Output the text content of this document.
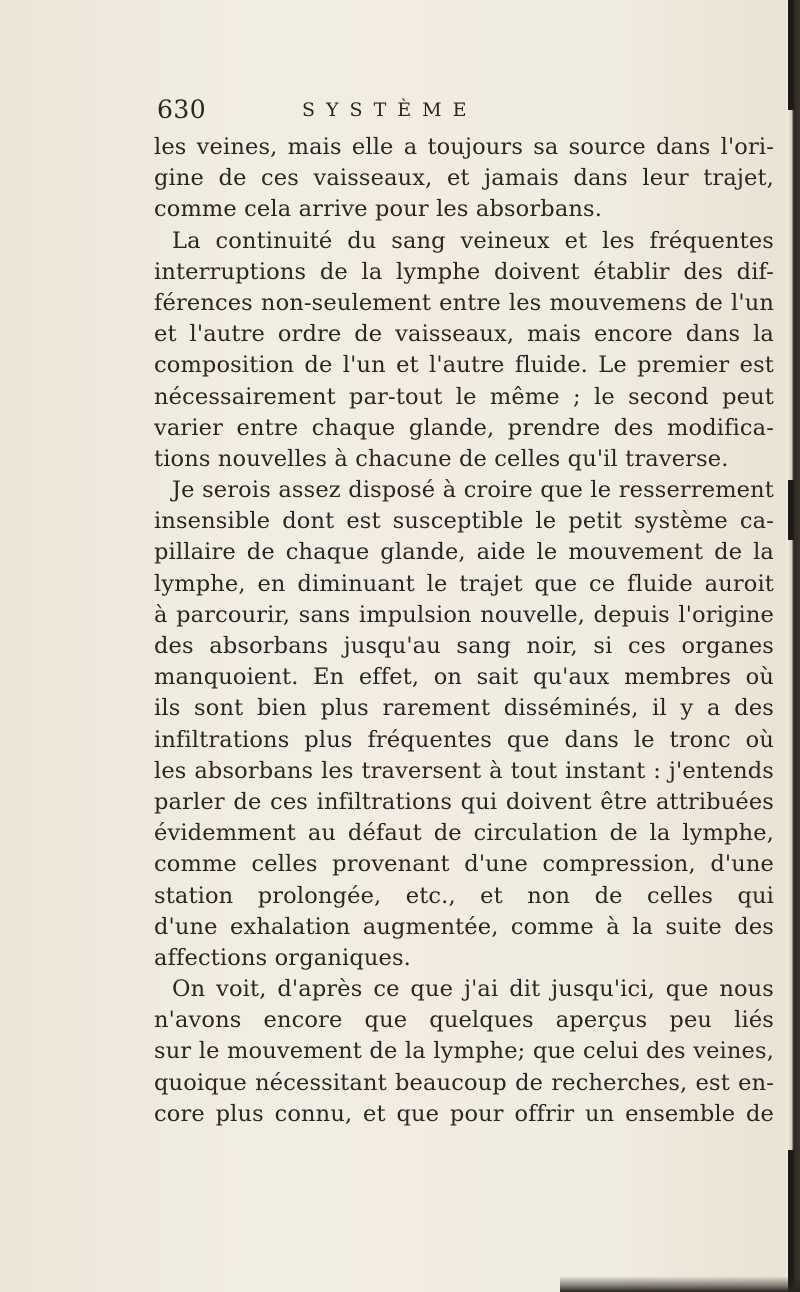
630	SYSTÈME
les veines, mais elle a toujours sa source dans l'ori-
gine de ces vaisseaux, et jamais dans leur trajet,
comme cela arrive pour les absorbans.
La continuité du sang veineux et les fréquentes
interruptions de la lymphe doivent établir des dif-
férences non-seulement entre les mouvemens de l'un
et l'autre ordre de vaisseaux, mais encore dans la
composition de l'un et l'autre fluide. Le premier est
nécessairement par-tout le même ; le second peut
varier entre chaque glande, prendre des modifica-
tions nouvelles à chacune de celles qu'il traverse.
Je serois assez disposé à croire que le resserrement
insensible dont est susceptible le petit système ca-
pillaire de chaque glande, aide le mouvement de la
lymphe, en diminuant le trajet que ce fluide auroit
à parcourir, sans impulsion nouvelle, depuis l'origine
des absorbans jusqu'au sang noir, si ces organes
manquoient. En effet, on sait qu'aux membres où
ils sont bien plus rarement disséminés, il y a des
infiltrations plus fréquentes que dans le tronc où
les absorbans les traversent à tout instant : j'entends
parler de ces infiltrations qui doivent être attribuées
évidemment au défaut de circulation de la lymphe,
comme celles provenant d'une compression, d'une
station prolongée, etc., et non de celles qui
d'une exhalation augmentée, comme à la suite des
affections organiques.
On voit, d'après ce que j'ai dit jusqu'ici, que nous
n'avons encore que quelques aperçus peu liés
sur le mouvement de la lymphe; que celui des veines,
quoique nécessitant beaucoup de recherches, est en-
core plus connu, et que pour offrir un ensemble de
